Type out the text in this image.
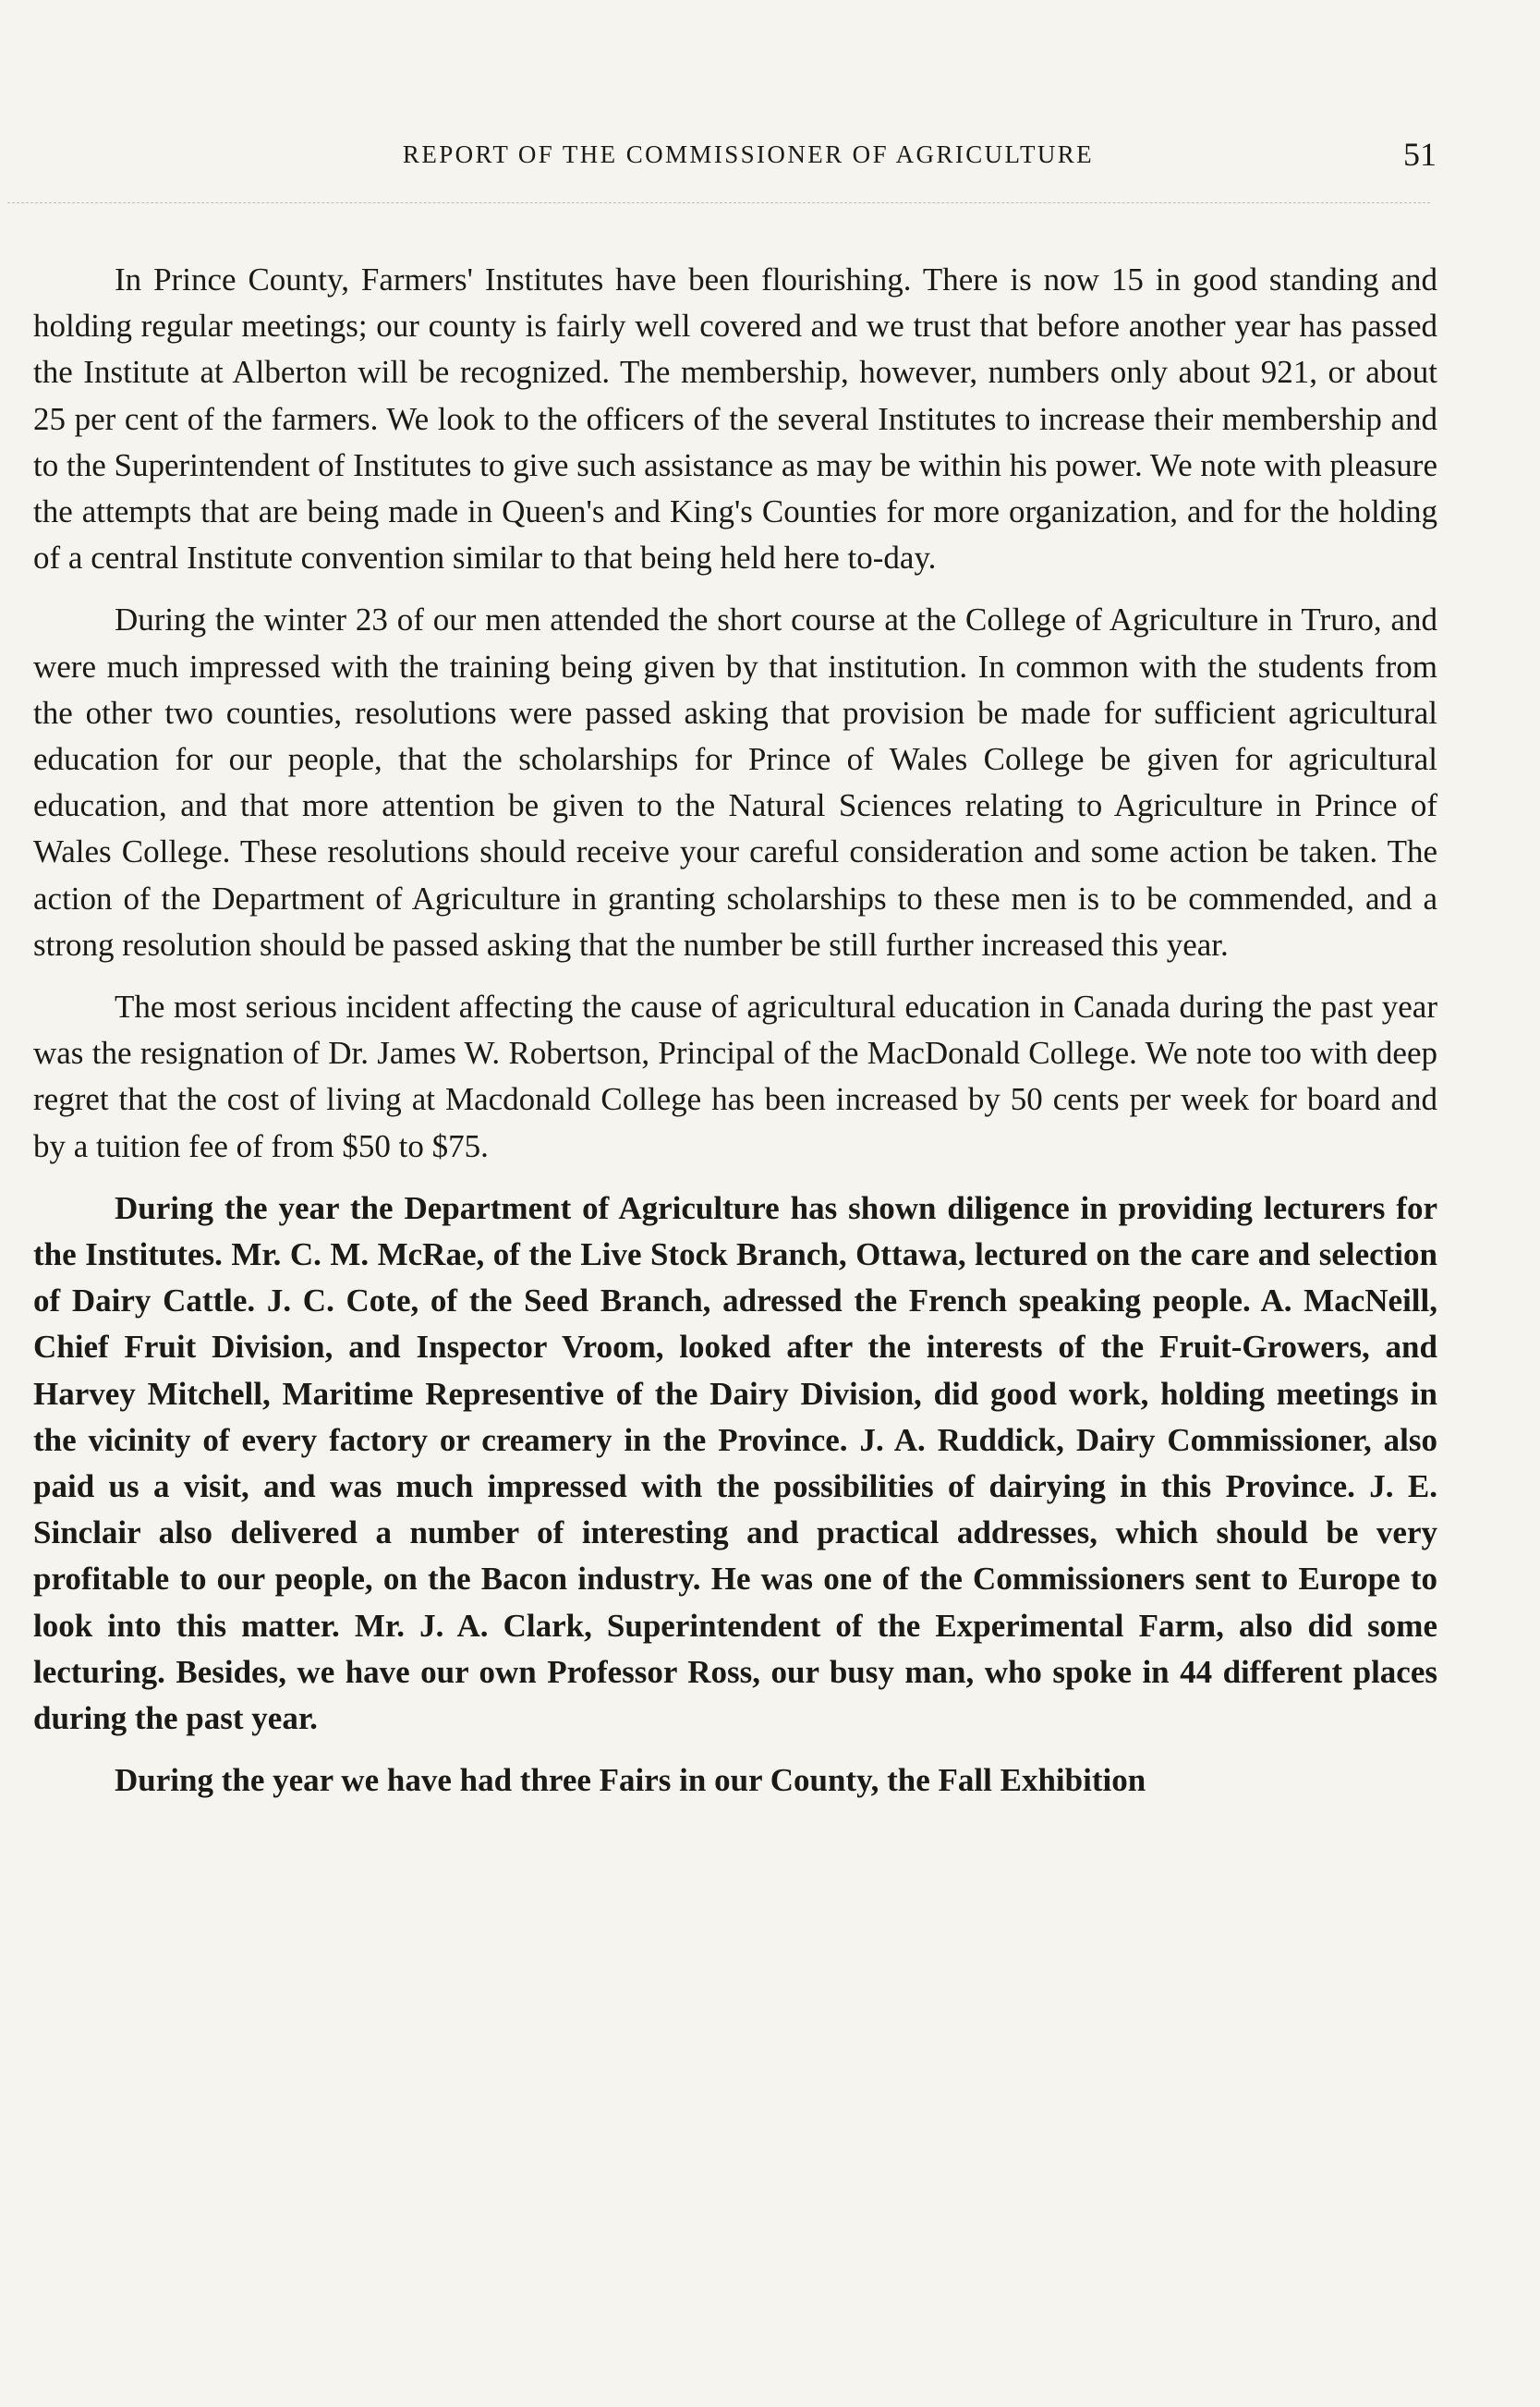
REPORT OF THE COMMISSIONER OF AGRICULTURE	51

In Prince County, Farmers' Institutes have been flourishing. There is now 15 in good standing and holding regular meetings; our county is fairly well covered and we trust that before another year has passed the Institute at Alberton will be recognized. The membership, however, numbers only about 921, or about 25 per cent of the farmers. We look to the officers of the several Institutes to increase their membership and to the Superintendent of Institutes to give such assistance as may be within his power. We note with pleasure the attempts that are being made in Queen's and King's Counties for more organization, and for the holding of a central Institute convention similar to that being held here to-day.

During the winter 23 of our men attended the short course at the College of Agriculture in Truro, and were much impressed with the training being given by that institution. In common with the students from the other two counties, resolutions were passed asking that provision be made for sufficient agricultural education for our people, that the scholarships for Prince of Wales College be given for agricultural education, and that more attention be given to the Natural Sciences relating to Agriculture in Prince of Wales College. These resolutions should receive your careful consideration and some action be taken. The action of the Department of Agriculture in granting scholarships to these men is to be commended, and a strong resolution should be passed asking that the number be still further increased this year.

The most serious incident affecting the cause of agricultural education in Canada during the past year was the resignation of Dr. James W. Robertson, Principal of the MacDonald College. We note too with deep regret that the cost of living at Macdonald College has been increased by 50 cents per week for board and by a tuition fee of from $50 to $75.

During the year the Department of Agriculture has shown diligence in providing lecturers for the Institutes. Mr. C. M. McRae, of the Live Stock Branch, Ottawa, lectured on the care and selection of Dairy Cattle. J. C. Cote, of the Seed Branch, adressed the French speaking people. A. MacNeill, Chief Fruit Division, and Inspector Vroom, looked after the interests of the Fruit-Growers, and Harvey Mitchell, Maritime Representive of the Dairy Division, did good work, holding meetings in the vicinity of every factory or creamery in the Province. J. A. Ruddick, Dairy Commissioner, also paid us a visit, and was much impressed with the possibilities of dairying in this Province. J. E. Sinclair also delivered a number of interesting and practical addresses, which should be very profitable to our people, on the Bacon industry. He was one of the Commissioners sent to Europe to look into this matter. Mr. J. A. Clark, Superintendent of the Experimental Farm, also did some lecturing. Besides, we have our own Professor Ross, our busy man, who spoke in 44 different places during the past year.

During the year we have had three Fairs in our County, the Fall Exhibition
